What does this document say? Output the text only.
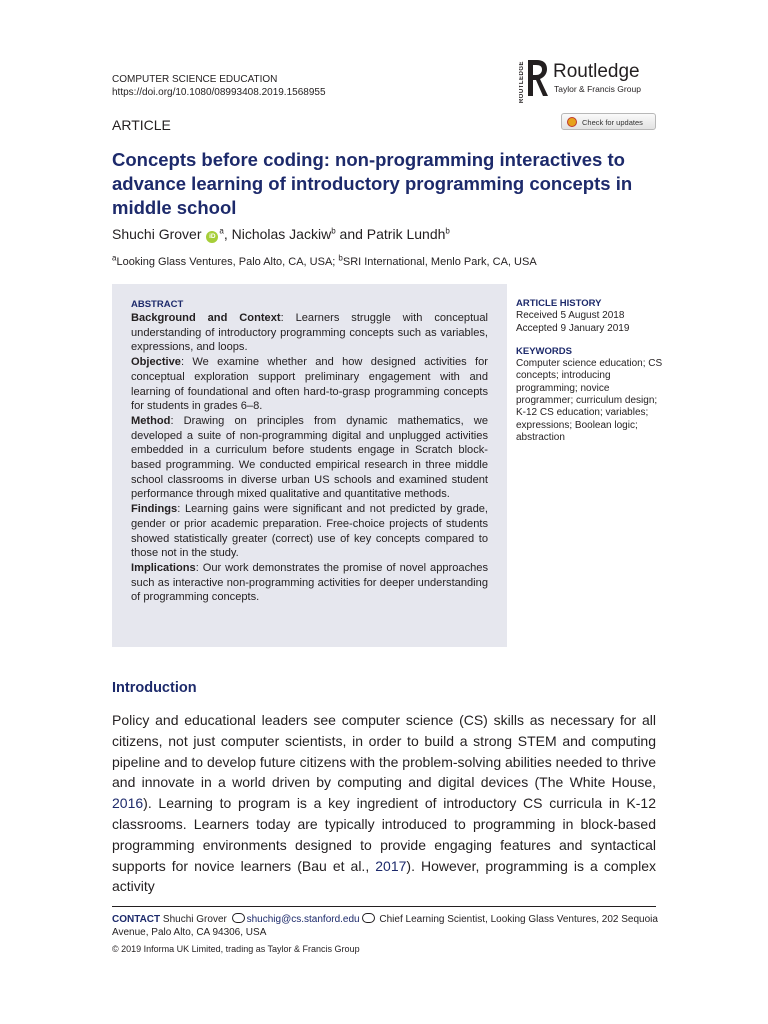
COMPUTER SCIENCE EDUCATION
https://doi.org/10.1080/08993408.2019.1568955	ROUTLEDGE Routledge
Taylor & Francis Group
ARTICLE	Check for updates
Concepts before coding: non-programming interactives to advance learning of introductory programming concepts in middle school
Shuchi Grover $iD^a$, Nicholas Jackiw$^b$ and Patrik Lundh$^b$
$^a$Looking Glass Ventures, Palo Alto, CA, USA; $^b$SRI International, Menlo Park, CA, USA
ABSTRACT
Background and Context: Learners struggle with conceptual understanding of introductory programming concepts such as variables, expressions, and loops.
Objective: We examine whether and how designed activities for conceptual exploration support preliminary engagement with and learning of foundational and often hard-to-grasp programming concepts for students in grades 6–8.
Method: Drawing on principles from dynamic mathematics, we developed a suite of non-programming digital and unplugged activities embedded in a curriculum before students engage in Scratch block-based programming. We conducted empirical research in three middle school classrooms in diverse urban US schools and examined student performance through mixed qualitative and quantitative methods.
Findings: Learning gains were significant and not predicted by grade, gender or prior academic preparation. Free-choice projects of students showed statistically greater (correct) use of key concepts compared to those not in the study.
Implications: Our work demonstrates the promise of novel approaches such as interactive non-programming activities for deeper understanding of programming concepts.
ARTICLE HISTORY
Received 5 August 2018
Accepted 9 January 2019
KEYWORDS
Computer science education; CS concepts; introducing programming; novice programmer; curriculum design; K-12 CS education; variables; expressions; Boolean logic; abstraction
Introduction
Policy and educational leaders see computer science (CS) skills as necessary for all citizens, not just computer scientists, in order to build a strong STEM and computing pipeline and to develop future citizens with the problem-solving abilities needed to thrive and innovate in a world driven by computing and digital devices (The White House, 2016). Learning to program is a key ingredient of introductory CS curricula in K-12 classrooms. Learners today are typically introduced to programming in block-based programming environments designed to provide engaging features and syntactical supports for novice learners (Bau et al., 2017). However, programming is a complex activity
CONTACT Shuchi Grover shuchig@cs.stanford.edu Chief Learning Scientist, Looking Glass Ventures, 202 Sequoia Avenue, Palo Alto, CA 94306, USA
© 2019 Informa UK Limited, trading as Taylor & Francis Group
